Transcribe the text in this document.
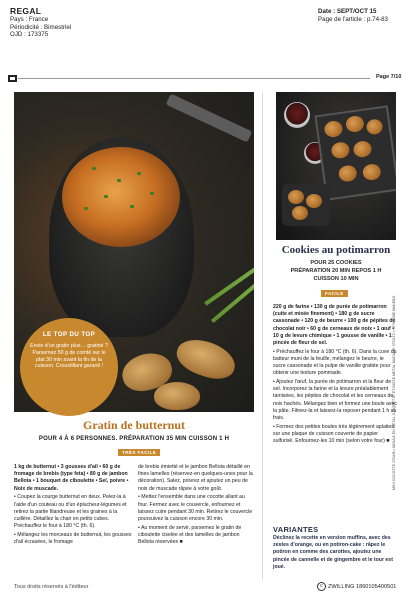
REGAL
Pays : France
Périodicité : Bimestriel
OJD : 173375
Date : SEPT/OCT 15
Page de l'article : p.74-83
Page 7/10
LE TOP DU TOP
Envie d'un gratin plus… gratiné ? Parsemez 50 g de comté sur le plat 30 min avant la fin de la cuisson. Croustillant garanti !
Gratin de butternut
POUR 4 À 6 PERSONNES. PRÉPARATION 35 MIN CUISSON 1 H
TRÈS FACILE

1 kg de butternut • 3 gousses d'ail • 60 g de fromage de brebis (type feta) • 80 g de jambon Bellota • 1 bouquet de ciboulette • Sel, poivre • Noix de muscade.

• Coupez la courge butternut en deux. Pelez-la à l'aide d'un couteau ou d'un éplucheur-légumes et retirez la partie filandreuse et les graines à la cuillère. Détaillez la chair en petits cubes. Préchauffez le four à 180 °C (th. 6).

• Mélangez les morceaux de butternut, les gousses d'ail écrasées, le fromage

de brebis émietté et le jambon Bellota détaillé en fines lamelles (réservez-en quelques-unes pour la décoration). Salez, poivrez et ajoutez un peu de noix de muscade râpée à votre goût.

• Mettez l'ensemble dans une cocotte allant au four. Fermez avec le couvercle, enfournez et laissez cuire pendant 30 min. Retirez le couvercle poursuivez la cuisson encore 30 min.

• Au moment de servir, parsemez le gratin de ciboulette ciselée et des lamelles de jambon Bellota réservées ■

Cookies au potimarron
POUR 25 COOKIES
PRÉPARATION 20 MIN REPOS 1 H
CUISSON 10 MIN
FACILE

220 g de farine • 130 g de purée de potimarron (cuite et mixée finement) • 180 g de sucre cassonade • 120 g de beurre • 100 g de pépites de chocolat noir • 60 g de cerneaux de noix • 1 œuf • 10 g de levure chimique • 1 gousse de vanille • 1 pincée de fleur de sel.

• Préchauffez le four à 180 °C (th. 6). Dans la cuve du batteur muni de la feuille, mélangez le beurre, le sucre cassonade et la pulpe de vanille grattée pour obtenir une texture pommade.

• Ajoutez l'œuf, la purée de potimarron et la fleur de sel. Incorporez la farine et la levure préalablement tamisées, les pépites de chocolat et les cerneaux de noix hachés. Mélangez bien et formez une boule avec la pâte. Filmez-la et laissez-la reposer pendant 1 h au frais.

• Formez des petites boules très légèrement aplaties sur une plaque de cuisson couverte de papier sulfurisé. Enfournez-les 10 min (selon votre four) ■

VARIANTES
Déclinez la recette en version muffins, avec des zestes d'orange, ou en potiron-cake : râpez le potiron en comme des carottes, ajoutez une pincée de cannelle et de gingembre et le tour est joué.
MINI COCOTTE STAUB • MOULE EN MÉTAL JUSQUETTE ET BOITE MÉTAL MADAME STOLTZ • STYLISME MAKEBO
Tous droits réservés à l'éditeur	c ZWILLING 1860105400501
